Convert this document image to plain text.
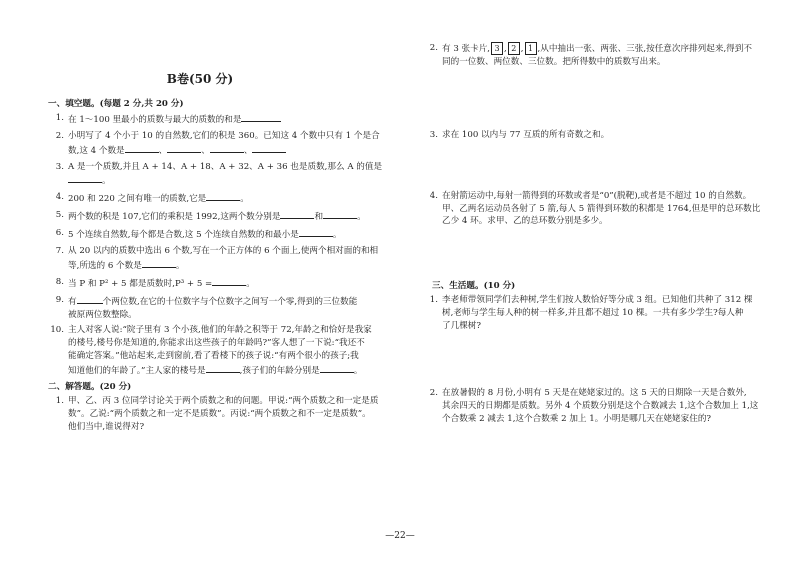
B卷(50 分)
一、填空题。(每题 2 分,共 20 分)
1. 在 1～100 里最小的质数与最大的质数的和是
2. 小明写了 4 个小于 10 的自然数,它们的积是 360。已知这 4 个数中只有 1 个是合
数,这 4 个数是	、	、	、
3. A 是一个质数,并且 A + 14、A + 18、A + 32、A + 36 也是质数,那么 A 的值是
。
4. 200 和 220 之间有唯一的质数,它是	。
5. 两个数的积是 107,它们的乘积是 1992,这两个数分别是	和	。
6. 5 个连续自然数,每个都是合数,这 5 个连续自然数的和最小是	。
7. 从 20 以内的质数中选出 6 个数,写在一个正方体的 6 个面上,使两个相对面的和相
等,所选的 6 个数是	。
8. 当 P 和 P² + 5 都是质数时,P³ + 5 =	。
9. 有	个两位数,在它的十位数字与个位数字之间写一个零,得到的三位数能
被原两位数整除。
10. 主人对客人说:“院子里有 3 个小孩,他们的年龄之积等于 72,年龄之和恰好是我家
的楼号,楼号你是知道的,你能求出这些孩子的年龄吗?”客人想了一下说:“我还不
能确定答案。”他站起来,走到窗前,看了看楼下的孩子说:“有两个很小的孩子;我
知道他们的年龄了。”主人家的楼号是	,孩子们的年龄分别是	。
二、解答题。(20 分)
1. 甲、乙、丙 3 位同学讨论关于两个质数之和的问题。甲说:“两个质数之和一定是质
数”。乙说:“两个质数之和一定不是质数”。丙说:“两个质数之和不一定是质数”。
他们当中,谁说得对?
2. 有 3 张卡片, 3 , 2 , 1 ,从中抽出一张、两张、三张,按任意次序排列起来,得到不
同的一位数、两位数、三位数。把所得数中的质数写出来。
3. 求在 100 以内与 77 互质的所有奇数之和。
4. 在射箭运动中,每射一箭得到的环数或者是“0”(脱靶),或者是不超过 10 的自然数。
甲、乙两名运动员各射了 5 箭,每人 5 箭得到环数的积都是 1764,但是甲的总环数比
乙少 4 环。求甲、乙的总环数分别是多少。
三、生活题。(10 分)
1. 李老师带领同学们去种树,学生们按人数恰好等分成 3 组。已知他们共种了 312 棵
树,老师与学生每人种的树一样多,并且都不超过 10 棵。一共有多少学生?每人种
了几棵树?
2. 在放暑假的 8 月份,小明有 5 天是在姥姥家过的。这 5 天的日期除一天是合数外,
其余四天的日期都是质数。另外 4 个质数分别是这个合数减去 1,这个合数加上 1,这
个合数乘 2 减去 1,这个合数乘 2 加上 1。小明是哪几天在姥姥家住的?
—22—
